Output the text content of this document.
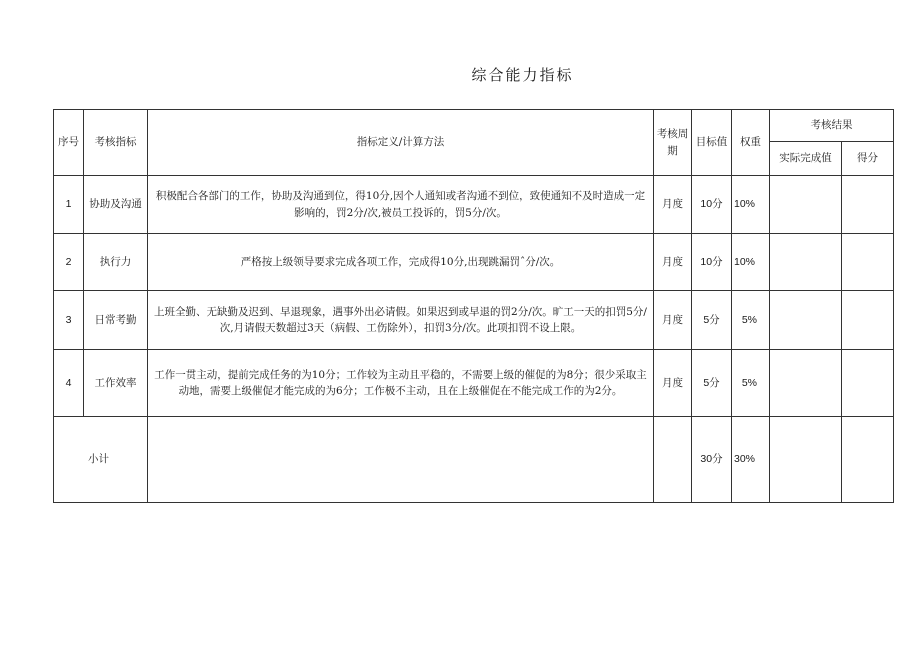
综合能力指标
序号	考核指标	指标定义/计算方法	考核周期	目标值	权重	考核结果	
						实际完成值	得分
1	协助及沟通	积极配合各部门的工作，协助及沟通到位，得10分,因个人通知或者沟通不到位，致使通知不及时造成一定影响的，罚2分/次,被员工投诉的，罚5分/次。	月度	10分	10%		
2	执行力	严格按上级领导要求完成各项工作，完成得10分,出现跳漏罚ˆ分/次。	月度	10分	10%		
3	日常考勤	上班全勤、无缺勤及迟到、早退现象，遇事外出必请假。如果迟到或早退的罚2分/次。旷工一天的扣罚5分/次,月请假天数超过3天（病假、工伤除外），扣罚3分/次。此项扣罚不设上限。	月度	5分	5%		
4	工作效率	工作一贯主动，提前完成任务的为10分；工作较为主动且平稳的，不需要上级的催促的为8分；很少采取主动地，需要上级催促才能完成的为6分；工作极不主动，且在上级催促在不能完成工作的为2分。	月度	5分	5%		
小计				30分	30%		
